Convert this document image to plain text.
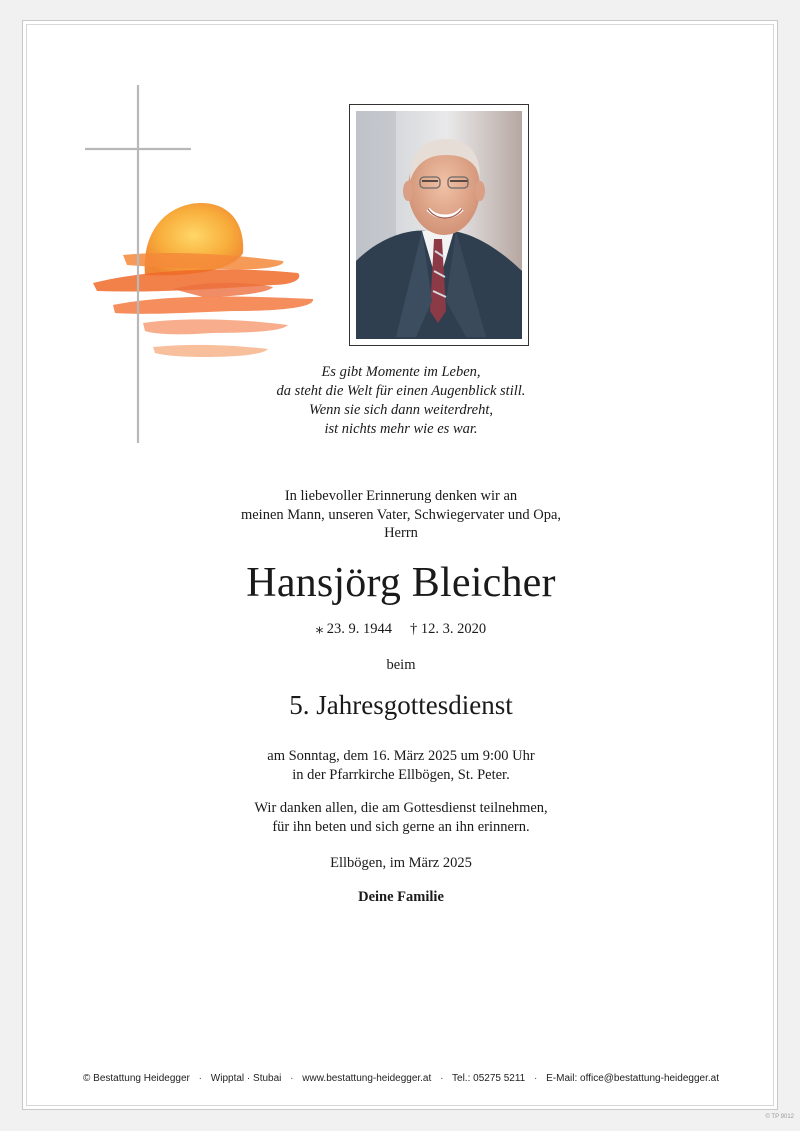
Es gibt Momente im Leben,
da steht die Welt für einen Augenblick still.
Wenn sie sich dann weiterdreht,
ist nichts mehr wie es war.
In liebevoller Erinnerung denken wir an
meinen Mann, unseren Vater, Schwiegervater und Opa,
Herrn
Hansjörg Bleicher
⁎ 23. 9. 1944 † 12. 3. 2020
beim
5. Jahresgottesdienst
am Sonntag, dem 16. März 2025 um 9:00 Uhr
in der Pfarrkirche Ellbögen, St. Peter.
Wir danken allen, die am Gottesdienst teilnehmen,
für ihn beten und sich gerne an ihn erinnern.
Ellbögen, im März 2025
Deine Familie
© Bestattung Heidegger · Wipptal · Stubai · www.bestattung-heidegger.at · Tel.: 05275 5211 · E-Mail: office@bestattung-heidegger.at
© TP 9012
